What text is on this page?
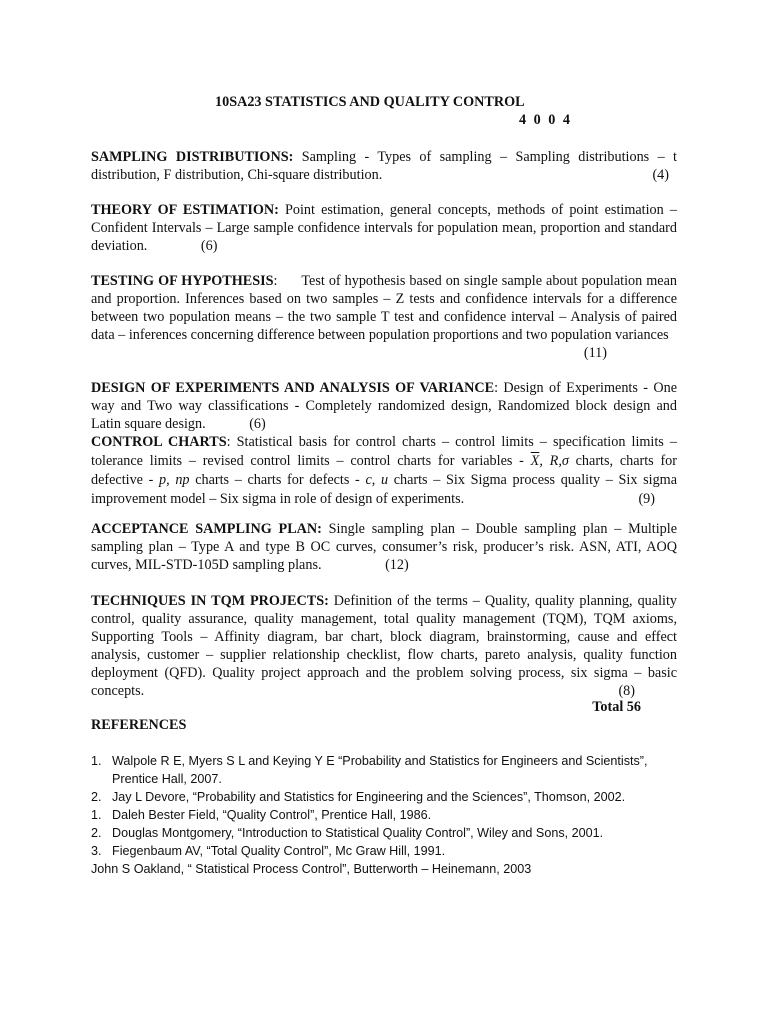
10SA23 STATISTICS AND QUALITY CONTROL
4 0 0 4
SAMPLING DISTRIBUTIONS: Sampling - Types of sampling – Sampling distributions – t distribution, F distribution, Chi-square distribution.	(4)
THEORY OF ESTIMATION: Point estimation, general concepts, methods of point estimation – Confident Intervals – Large sample confidence intervals for population mean, proportion and standard deviation.	(6)
TESTING OF HYPOTHESIS:      Test of hypothesis based on single sample about population mean and proportion. Inferences based on two samples – Z tests and confidence intervals for a difference between two population means – the two sample T test and confidence interval – Analysis of paired data – inferences concerning difference between population proportions and two population variances
(11)
DESIGN OF EXPERIMENTS AND ANALYSIS OF VARIANCE: Design of Experiments - One way and Two way classifications - Completely randomized design, Randomized block design and Latin square design.	(6)
CONTROL CHARTS: Statistical basis for control charts – control limits – specification limits – tolerance limits – revised control limits – control charts for variables - $\overline{X}$, R,σ charts, charts for defective - p, np charts – charts for defects - c, u charts – Six Sigma process quality – Six sigma improvement model – Six sigma in role of design of experiments.	(9)
ACCEPTANCE SAMPLING PLAN: Single sampling plan – Double sampling plan – Multiple sampling plan – Type A and type B OC curves, consumer’s risk, producer’s risk. ASN, ATI, AOQ curves, MIL-STD-105D sampling plans.	(12)
TECHNIQUES IN TQM PROJECTS: Definition of the terms – Quality, quality planning, quality control, quality assurance, quality management, total quality management (TQM), TQM axioms, Supporting Tools – Affinity diagram, bar chart, block diagram, brainstorming, cause and effect analysis, customer – supplier relationship checklist, flow charts, pareto analysis, quality function deployment (QFD). Quality project approach and the problem solving process, six sigma – basic concepts.	(8)
Total 56
REFERENCES
1. Walpole R E, Myers S L and Keying Y E “Probability and Statistics for Engineers and Scientists”, Prentice Hall, 2007.
2. Jay L Devore, “Probability and Statistics for Engineering and the Sciences”, Thomson, 2002.
1. Daleh Bester Field, “Quality Control”, Prentice Hall, 1986.
2. Douglas Montgomery, “Introduction to Statistical Quality Control”, Wiley and Sons, 2001.
3. Fiegenbaum AV, “Total Quality Control”, Mc Graw Hill, 1991.
John S Oakland, “ Statistical Process Control”, Butterworth – Heinemann, 2003
